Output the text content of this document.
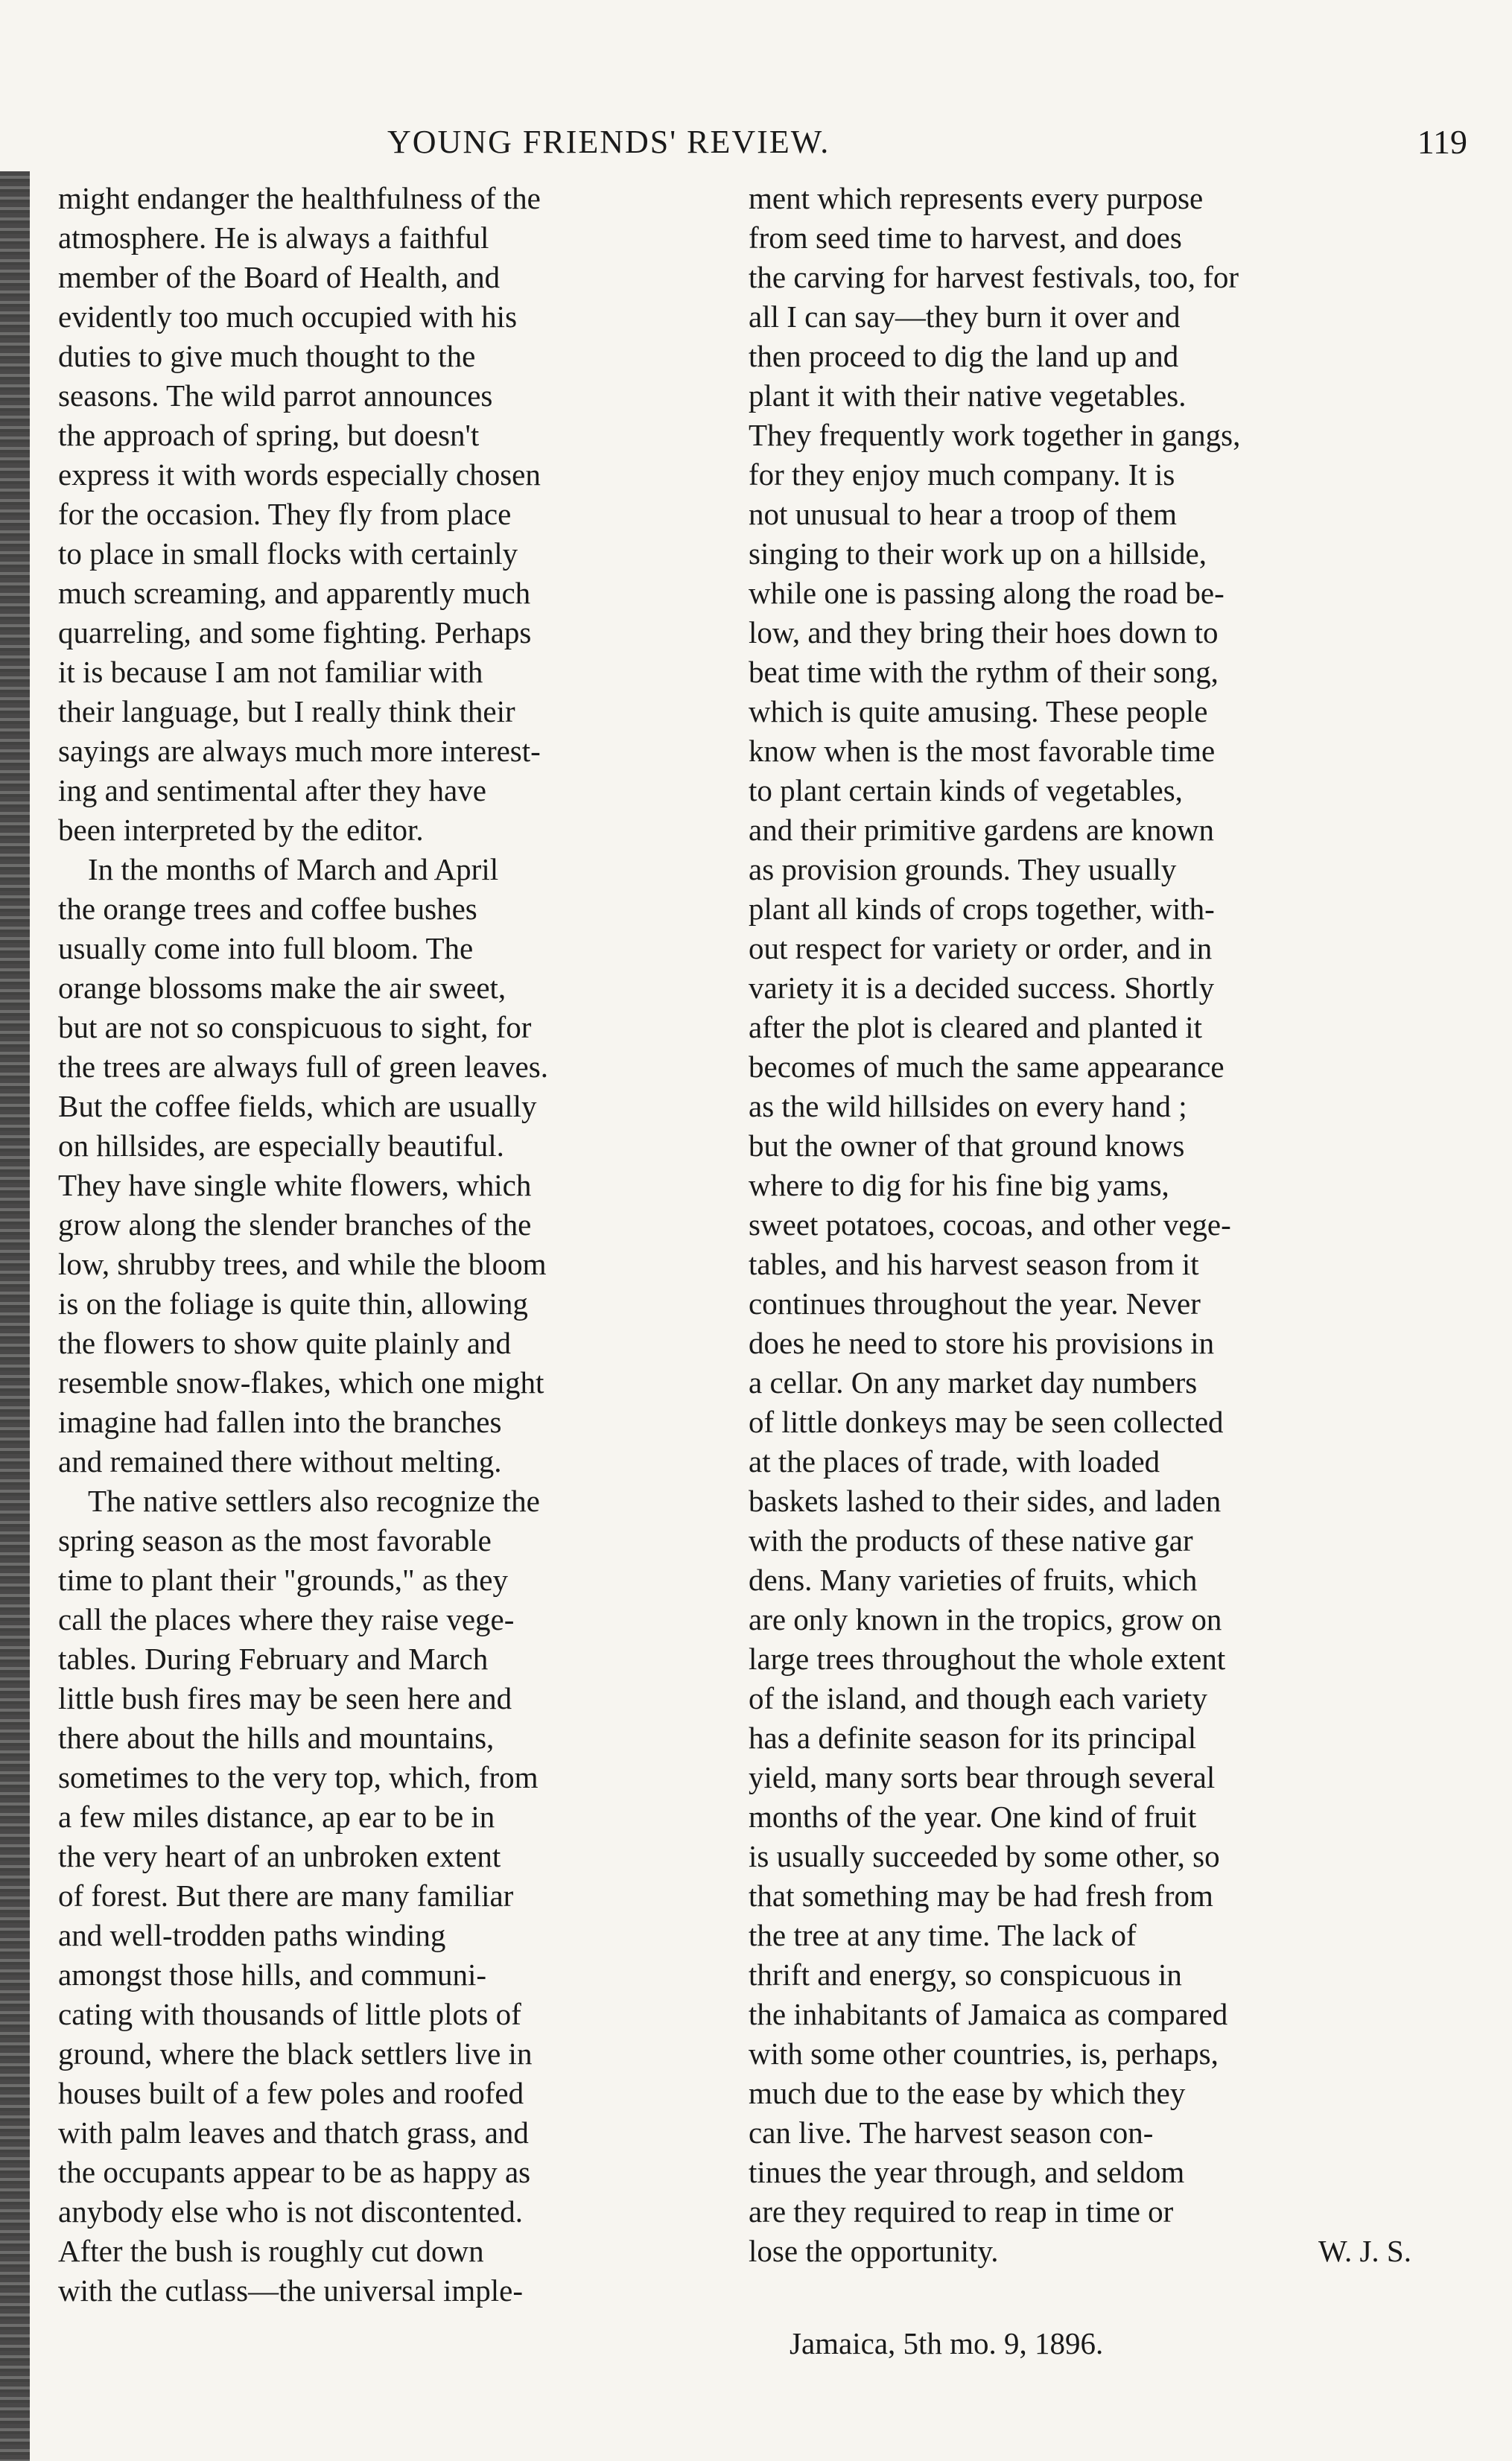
YOUNG FRIENDS' REVIEW.	119
might endanger the healthfulness of the
atmosphere. He is always a faithful
member of the Board of Health, and
evidently too much occupied with his
duties to give much thought to the
seasons. The wild parrot announces
the approach of spring, but doesn't
express it with words especially chosen
for the occasion. They fly from place
to place in small flocks with certainly
much screaming, and apparently much
quarreling, and some fighting. Perhaps
it is because I am not familiar with
their language, but I really think their
sayings are always much more interest-
ing and sentimental after they have
been interpreted by the editor.
In the months of March and April
the orange trees and coffee bushes
usually come into full bloom. The
orange blossoms make the air sweet,
but are not so conspicuous to sight, for
the trees are always full of green leaves.
But the coffee fields, which are usually
on hillsides, are especially beautiful.
They have single white flowers, which
grow along the slender branches of the
low, shrubby trees, and while the bloom
is on the foliage is quite thin, allowing
the flowers to show quite plainly and
resemble snow-flakes, which one might
imagine had fallen into the branches
and remained there without melting.
The native settlers also recognize the
spring season as the most favorable
time to plant their "grounds," as they
call the places where they raise vege-
tables. During February and March
little bush fires may be seen here and
there about the hills and mountains,
sometimes to the very top, which, from
a few miles distance, ap ear to be in
the very heart of an unbroken extent
of forest. But there are many familiar
and well-trodden paths winding
amongst those hills, and communi-
cating with thousands of little plots of
ground, where the black settlers live in
houses built of a few poles and roofed
with palm leaves and thatch grass, and
the occupants appear to be as happy as
anybody else who is not discontented.
After the bush is roughly cut down
with the cutlass—the universal imple-
ment which represents every purpose
from seed time to harvest, and does
the carving for harvest festivals, too, for
all I can say—they burn it over and
then proceed to dig the land up and
plant it with their native vegetables.
They frequently work together in gangs,
for they enjoy much company. It is
not unusual to hear a troop of them
singing to their work up on a hillside,
while one is passing along the road be-
low, and they bring their hoes down to
beat time with the rythm of their song,
which is quite amusing. These people
know when is the most favorable time
to plant certain kinds of vegetables,
and their primitive gardens are known
as provision grounds. They usually
plant all kinds of crops together, with-
out respect for variety or order, and in
variety it is a decided success. Shortly
after the plot is cleared and planted it
becomes of much the same appearance
as the wild hillsides on every hand ;
but the owner of that ground knows
where to dig for his fine big yams,
sweet potatoes, cocoas, and other vege-
tables, and his harvest season from it
continues throughout the year. Never
does he need to store his provisions in
a cellar. On any market day numbers
of little donkeys may be seen collected
at the places of trade, with loaded
baskets lashed to their sides, and laden
with the products of these native gar
dens. Many varieties of fruits, which
are only known in the tropics, grow on
large trees throughout the whole extent
of the island, and though each variety
has a definite season for its principal
yield, many sorts bear through several
months of the year. One kind of fruit
is usually succeeded by some other, so
that something may be had fresh from
the tree at any time. The lack of
thrift and energy, so conspicuous in
the inhabitants of Jamaica as compared
with some other countries, is, perhaps,
much due to the ease by which they
can live. The harvest season con-
tinues the year through, and seldom
are they required to reap in time or
lose the opportunity.	W. J. S.
Jamaica, 5th mo. 9, 1896.
